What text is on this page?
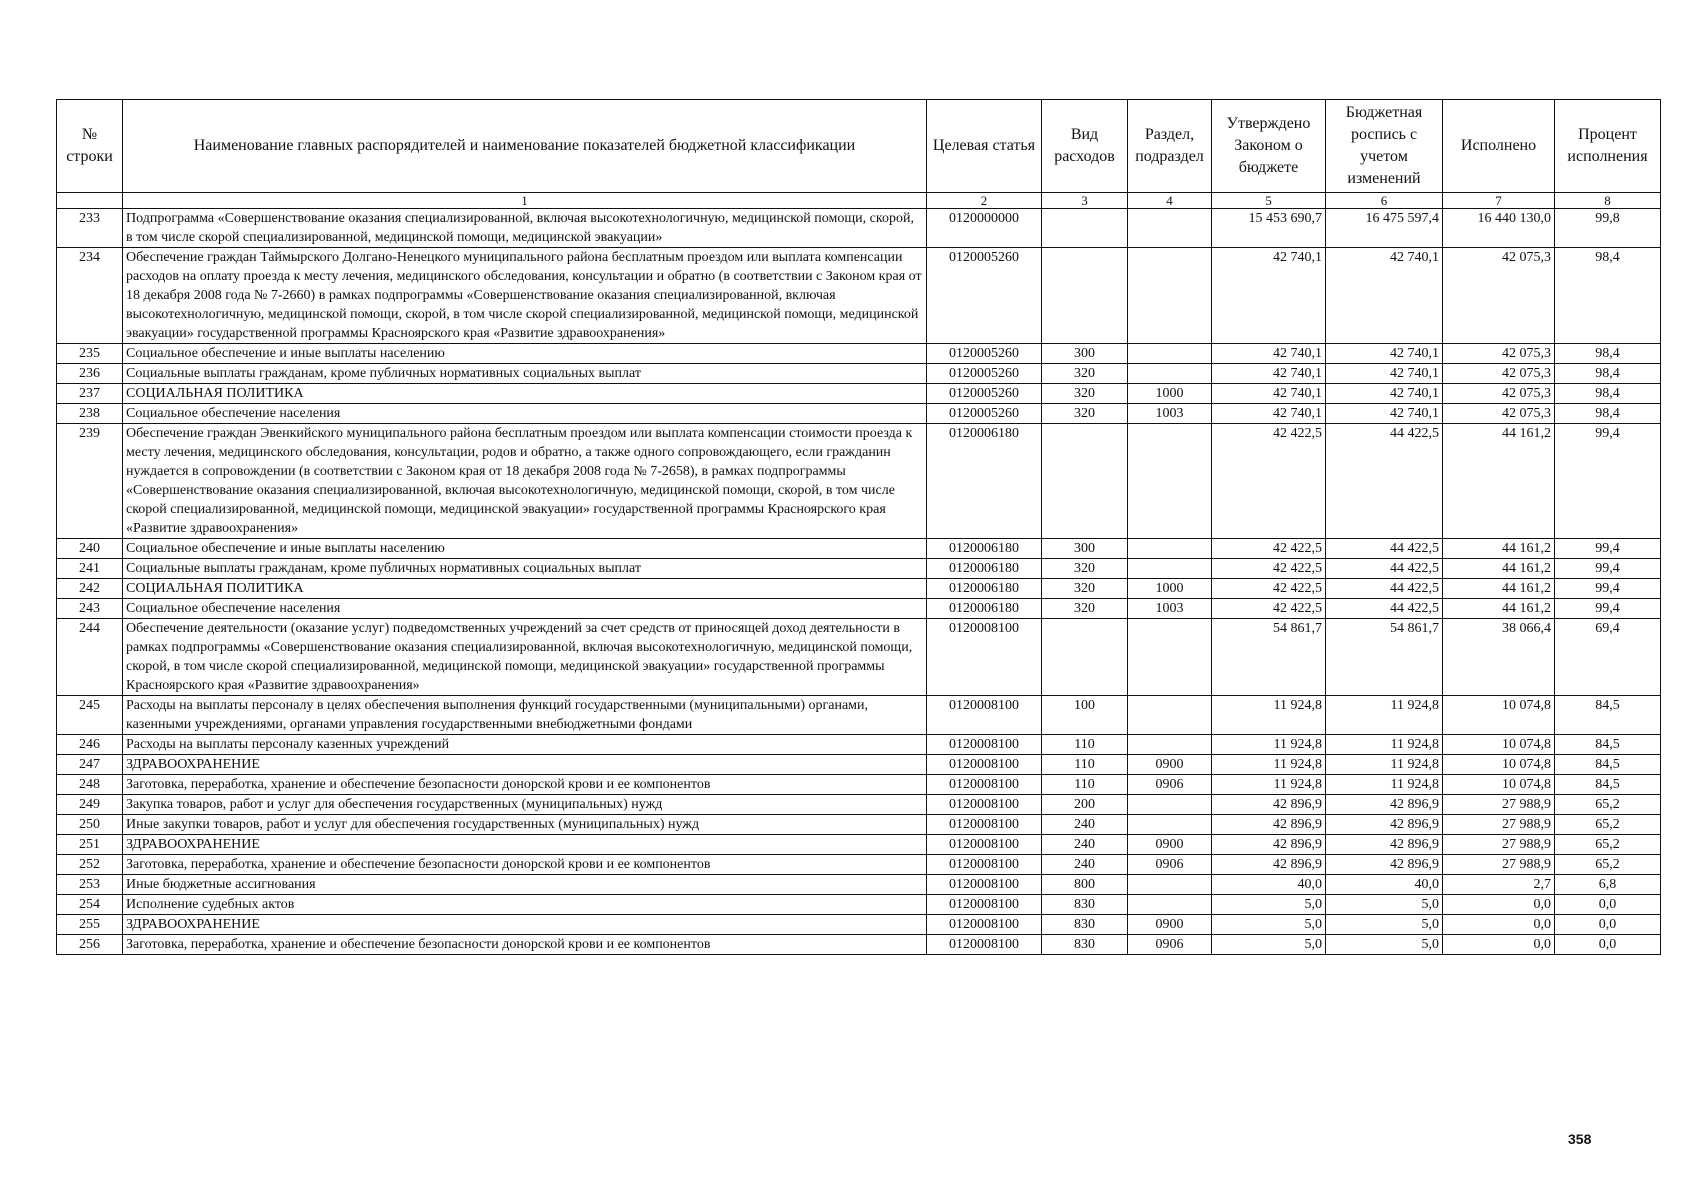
№ строки	Наименование главных распорядителей и наименование показателей бюджетной классификации	Целевая статья	Вид расходов	Раздел, подраздел	Утверждено Законом о бюджете	Бюджетная роспись с учетом изменений	Исполнено	Процент исполнения
	1	2	3	4	5	6	7	8
233	Подпрограмма «Совершенствование оказания специализированной, включая высокотехнологичную, медицинской помощи, скорой, в том числе скорой специализированной, медицинской помощи, медицинской эвакуации»	0120000000			15 453 690,7	16 475 597,4	16 440 130,0	99,8
234	Обеспечение граждан Таймырского Долгано-Ненецкого муниципального района бесплатным проездом или выплата компенсации расходов на оплату проезда к месту лечения, медицинского обследования, консультации и обратно (в соответствии с Законом края от 18 декабря 2008 года № 7-2660) в рамках подпрограммы «Совершенствование оказания специализированной, включая высокотехнологичную, медицинской помощи, скорой, в том числе скорой специализированной, медицинской помощи, медицинской эвакуации» государственной программы Красноярского края «Развитие здравоохранения»	0120005260			42 740,1	42 740,1	42 075,3	98,4
235	Социальное обеспечение и иные выплаты населению	0120005260	300		42 740,1	42 740,1	42 075,3	98,4
236	Социальные выплаты гражданам, кроме публичных нормативных социальных выплат	0120005260	320		42 740,1	42 740,1	42 075,3	98,4
237	СОЦИАЛЬНАЯ ПОЛИТИКА	0120005260	320	1000	42 740,1	42 740,1	42 075,3	98,4
238	Социальное обеспечение населения	0120005260	320	1003	42 740,1	42 740,1	42 075,3	98,4
239	Обеспечение граждан Эвенкийского муниципального района бесплатным проездом или выплата компенсации стоимости проезда к месту лечения, медицинского обследования, консультации, родов и обратно, а также одного сопровождающего, если гражданин нуждается в сопровождении (в соответствии с Законом края от 18 декабря 2008 года № 7-2658), в рамках подпрограммы «Совершенствование оказания специализированной, включая высокотехнологичную, медицинской помощи, скорой, в том числе скорой специализированной, медицинской помощи, медицинской эвакуации» государственной программы Красноярского края «Развитие здравоохранения»	0120006180			42 422,5	44 422,5	44 161,2	99,4
240	Социальное обеспечение и иные выплаты населению	0120006180	300		42 422,5	44 422,5	44 161,2	99,4
241	Социальные выплаты гражданам, кроме публичных нормативных социальных выплат	0120006180	320		42 422,5	44 422,5	44 161,2	99,4
242	СОЦИАЛЬНАЯ ПОЛИТИКА	0120006180	320	1000	42 422,5	44 422,5	44 161,2	99,4
243	Социальное обеспечение населения	0120006180	320	1003	42 422,5	44 422,5	44 161,2	99,4
244	Обеспечение деятельности (оказание услуг) подведомственных учреждений за счет средств от приносящей доход деятельности в рамках подпрограммы «Совершенствование оказания специализированной, включая высокотехнологичную, медицинской помощи, скорой, в том числе скорой специализированной, медицинской помощи, медицинской эвакуации» государственной программы Красноярского края «Развитие здравоохранения»	0120008100			54 861,7	54 861,7	38 066,4	69,4
245	Расходы на выплаты персоналу в целях обеспечения выполнения функций государственными (муниципальными) органами, казенными учреждениями, органами управления государственными внебюджетными фондами	0120008100	100		11 924,8	11 924,8	10 074,8	84,5
246	Расходы на выплаты персоналу казенных учреждений	0120008100	110		11 924,8	11 924,8	10 074,8	84,5
247	ЗДРАВООХРАНЕНИЕ	0120008100	110	0900	11 924,8	11 924,8	10 074,8	84,5
248	Заготовка, переработка, хранение и обеспечение безопасности донорской крови и ее компонентов	0120008100	110	0906	11 924,8	11 924,8	10 074,8	84,5
249	Закупка товаров, работ и услуг для обеспечения государственных (муниципальных) нужд	0120008100	200		42 896,9	42 896,9	27 988,9	65,2
250	Иные закупки товаров, работ и услуг для обеспечения государственных (муниципальных) нужд	0120008100	240		42 896,9	42 896,9	27 988,9	65,2
251	ЗДРАВООХРАНЕНИЕ	0120008100	240	0900	42 896,9	42 896,9	27 988,9	65,2
252	Заготовка, переработка, хранение и обеспечение безопасности донорской крови и ее компонентов	0120008100	240	0906	42 896,9	42 896,9	27 988,9	65,2
253	Иные бюджетные ассигнования	0120008100	800		40,0	40,0	2,7	6,8
254	Исполнение судебных актов	0120008100	830		5,0	5,0	0,0	0,0
255	ЗДРАВООХРАНЕНИЕ	0120008100	830	0900	5,0	5,0	0,0	0,0
256	Заготовка, переработка, хранение и обеспечение безопасности донорской крови и ее компонентов	0120008100	830	0906	5,0	5,0	0,0	0,0
358
